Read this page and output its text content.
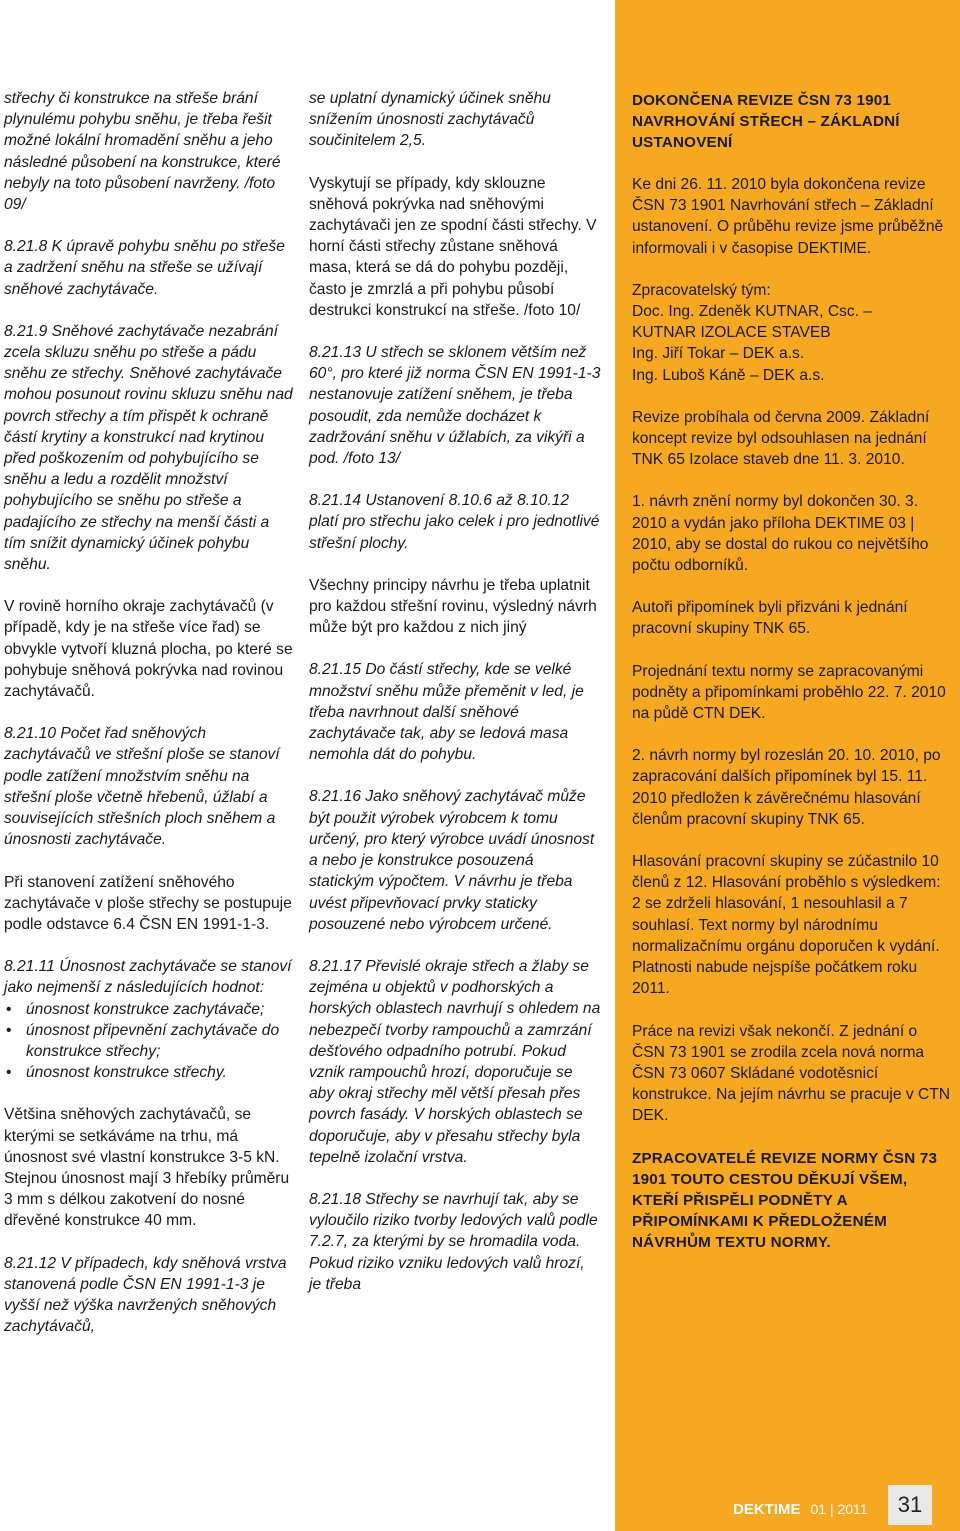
střechy či konstrukce na střeše brání plynulému pohybu sněhu, je třeba řešit možné lokální hromadění sněhu a jeho následné působení na konstrukce, které nebyly na toto působení navrženy. /foto 09/

8.21.8 K úpravě pohybu sněhu po střeše a zadržení sněhu na střeše se užívají sněhové zachytávače.

8.21.9 Sněhové zachytávače nezabrání zcela skluzu sněhu po střeše a pádu sněhu ze střechy. Sněhové zachytávače mohou posunout rovinu skluzu sněhu nad povrch střechy a tím přispět k ochraně částí krytiny a konstrukcí nad krytinou před poškozením od pohybujícího se sněhu a ledu a rozdělit množství pohybujícího se sněhu po střeše a padajícího ze střechy na menší části a tím snížit dynamický účinek pohybu sněhu.

V rovině horního okraje zachytávačů (v případě, kdy je na střeše více řad) se obvykle vytvoří kluzná plocha, po které se pohybuje sněhová pokrývka nad rovinou zachytávačů.

8.21.10 Počet řad sněhových zachytávačů ve střešní ploše se stanoví podle zatížení množstvím sněhu na střešní ploše včetně hřebenů, úžlabí a souvisejících střešních ploch sněhem a únosnosti zachytávače.

Při stanovení zatížení sněhového zachytávače v ploše střechy se postupuje podle odstavce 6.4 ČSN EN 1991-1-3.

8.21.11 Únosnost zachytávače se stanoví jako nejmenší z následujících hodnot:

• únosnost konstrukce zachytávače;
• únosnost připevnění zachytávače do konstrukce střechy;
• únosnost konstrukce střechy.

Většina sněhových zachytávačů, se kterými se setkáváme na trhu, má únosnost své vlastní konstrukce 3-5 kN. Stejnou únosnost mají 3 hřebíky průměru 3 mm s délkou zakotvení do nosné dřevěné konstrukce 40 mm.

8.21.12 V případech, kdy sněhová vrstva stanovená podle ČSN EN 1991-1-3 je vyšší než výška navržených sněhových zachytávačů,

se uplatní dynamický účinek sněhu snížením únosnosti zachytávačů součinitelem 2,5.

Vyskytují se případy, kdy sklouzne sněhová pokrývka nad sněhovými zachytávači jen ze spodní části střechy. V horní části střechy zůstane sněhová masa, která se dá do pohybu později, často je zmrzlá a při pohybu působí destrukci konstrukcí na střeše. /foto 10/

8.21.13 U střech se sklonem větším než 60°, pro které již norma ČSN EN 1991-1-3 nestanovuje zatížení sněhem, je třeba posoudit, zda nemůže docházet k zadržování sněhu v úžlabích, za vikýři a pod. /foto 13/

8.21.14 Ustanovení 8.10.6 až 8.10.12 platí pro střechu jako celek i pro jednotlivé střešní plochy.

Všechny principy návrhu je třeba uplatnit pro každou střešní rovinu, výsledný návrh může být pro každou z nich jiný

8.21.15 Do částí střechy, kde se velké množství sněhu může přeměnit v led, je třeba navrhnout další sněhové zachytávače tak, aby se ledová masa nemohla dát do pohybu.

8.21.16 Jako sněhový zachytávač může být použit výrobek výrobcem k tomu určený, pro který výrobce uvádí únosnost a nebo je konstrukce posouzená statickým výpočtem. V návrhu je třeba uvést připevňovací prvky staticky posouzené nebo výrobcem určené.

8.21.17 Převislé okraje střech a žlaby se zejména u objektů v podhorských a horských oblastech navrhují s ohledem na nebezpečí tvorby rampouchů a zamrzání dešťového odpadního potrubí. Pokud vznik rampouchů hrozí, doporučuje se aby okraj střechy měl větší přesah přes povrch fasády. V horských oblastech se doporučuje, aby v přesahu střechy byla tepelně izolační vrstva.

8.21.18 Střechy se navrhují tak, aby se vyloučilo riziko tvorby ledových valů podle 7.2.7, za kterými by se hromadila voda. Pokud riziko vzniku ledových valů hrozí, je třeba

DOKONČENA REVIZE ČSN 73 1901 NAVRHOVÁNÍ STŘECH – ZÁKLADNÍ USTANOVENÍ

Ke dni 26. 11. 2010 byla dokončena revize ČSN 73 1901 Navrhování střech – Základní ustanovení. O průběhu revize jsme průběžně informovali i v časopise DEKTIME.

Zpracovatelský tým:
Doc. Ing. Zdeněk KUTNAR, Csc. –
KUTNAR IZOLACE STAVEB
Ing. Jiří Tokar – DEK a.s.
Ing. Luboš Káně – DEK a.s.

Revize probíhala od června 2009. Základní koncept revize byl odsouhlasen na jednání TNK 65 Izolace staveb dne 11. 3. 2010.

1. návrh znění normy byl dokončen 30. 3. 2010 a vydán jako příloha DEKTIME 03 | 2010, aby se dostal do rukou co největšího počtu odborníků.

Autoři připomínek byli přizváni k jednání pracovní skupiny TNK 65.

Projednání textu normy se zapracovanými podněty a připomínkami proběhlo 22. 7. 2010 na půdě CTN DEK.

2. návrh normy byl rozeslán 20. 10. 2010, po zapracování dalších připomínek byl 15. 11. 2010 předložen k závěrečnému hlasování členům pracovní skupiny TNK 65.

Hlasování pracovní skupiny se zúčastnilo 10 členů z 12. Hlasování proběhlo s výsledkem: 2 se zdrželi hlasování, 1 nesouhlasil a 7 souhlasí. Text normy byl národnímu normalizačnímu orgánu doporučen k vydání. Platnosti nabude nejspíše počátkem roku 2011.

Práce na revizi však nekončí. Z jednání o ČSN 73 1901 se zrodila zcela nová norma ČSN 73 0607 Skládané vodotěsnicí konstrukce. Na jejím návrhu se pracuje v CTN DEK.

ZPRACOVATELÉ REVIZE NORMY ČSN 73 1901 TOUTO CESTOU DĚKUJÍ VŠEM, KTEŘÍ PŘISPĚLI PODNĚTY A PŘIPOMÍNKAMI K PŘEDLOŽENÉM NÁVRHŮM TEXTU NORMY.
DEKTIME 01 | 2011	31
